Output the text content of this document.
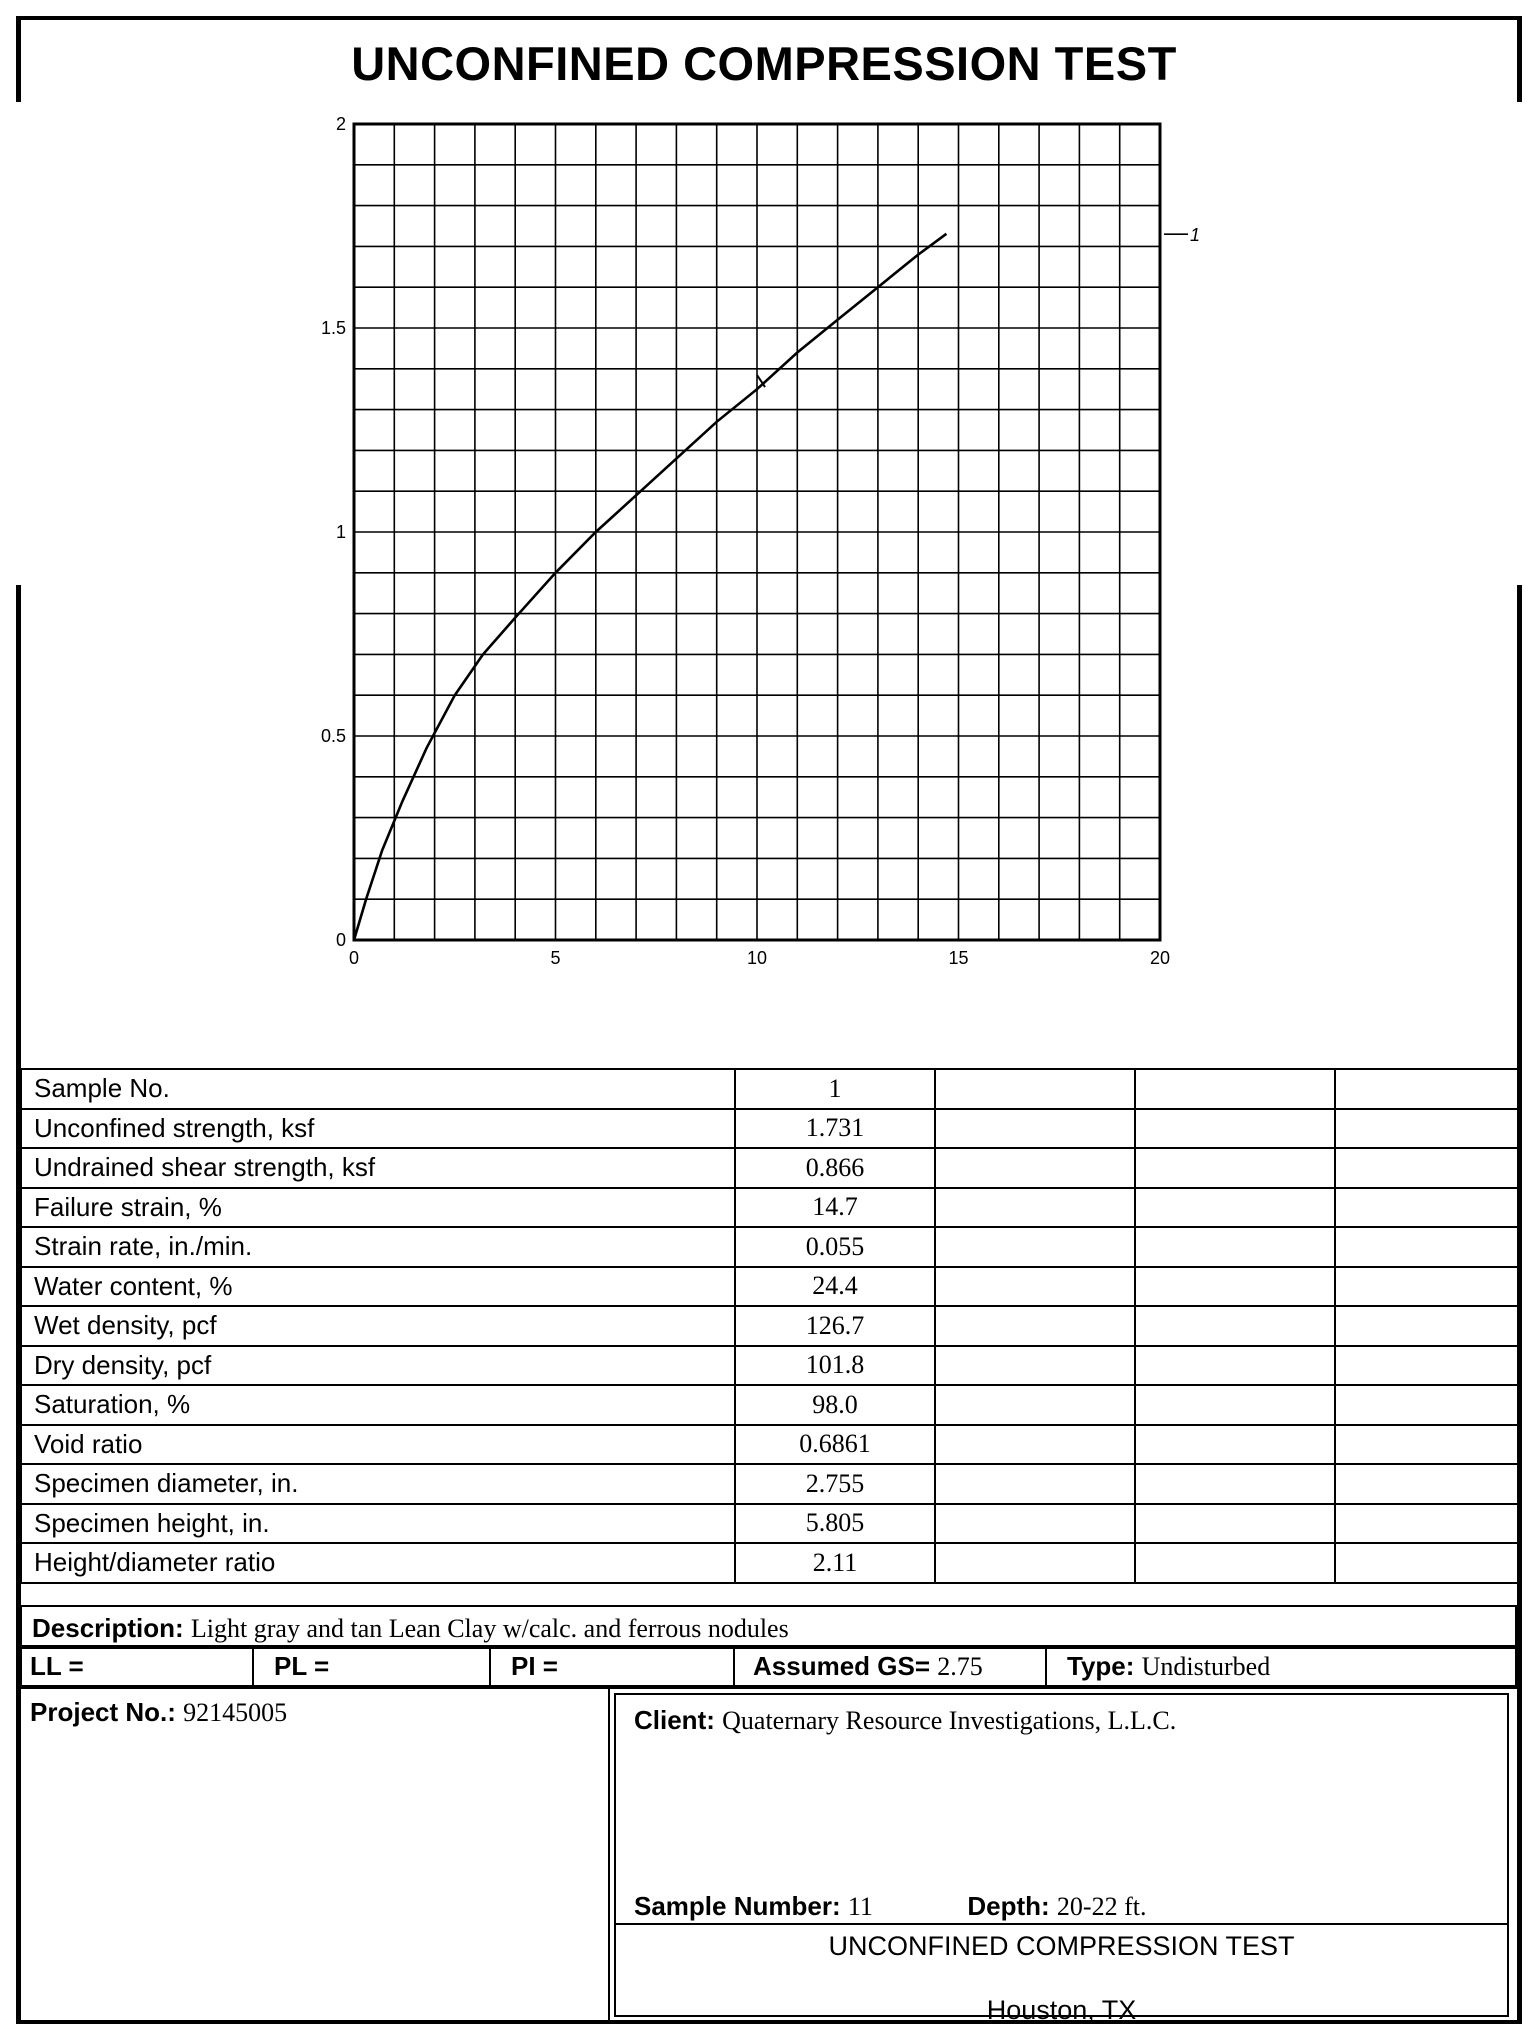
UNCONFINED COMPRESSION TEST
0	5	10	15	20
0
0.5
1
1.5
2
1
Sample No.	1			
Unconfined strength, ksf	1.731			
Undrained shear strength, ksf	0.866			
Failure strain, %	14.7			
Strain rate, in./min.	0.055			
Water content, %	24.4			
Wet density, pcf	126.7			
Dry density, pcf	101.8			
Saturation, %	98.0			
Void ratio	0.6861			
Specimen diameter, in.	2.755			
Specimen height, in.	5.805			
Height/diameter ratio	2.11			
Description: Light gray and tan Lean Clay w/calc. and ferrous nodules
LL =	PL =	PI =	Assumed GS= 2.75	Type: Undisturbed
Project No.: 92145005	Client: Quaternary Resource Investigations, L.L.C.
Sample Number: 11	Depth: 20-22 ft.
UNCONFINED COMPRESSION TEST
Houston, TX
